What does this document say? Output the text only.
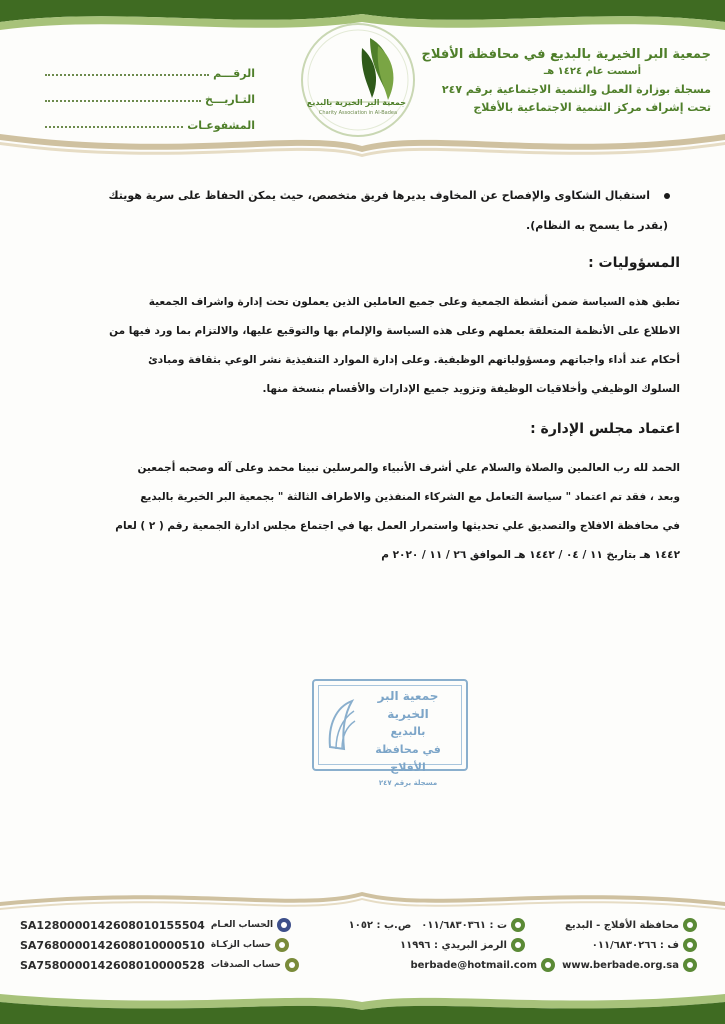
جمعية البر الخيرية بالبديع في محافظة الأفلاج
أسست عام ١٤٢٤ هـ
مسجلة بوزارة العمل والتنمية الاجتماعية برقم ٢٤٧
تحت إشراف مركز التنمية الاجتماعية بالأفلاج
جمعية البر الخيرية بالبديع
Charity Association in Al-Badea
الرقـــم
التـاريـــخ
المشفوعـات
استقبال الشكاوى والإفصاح عن المخاوف يديرها فريق متخصص، حيث يمكن الحفاظ على سرية هويتك
(بقدر ما يسمح به النظام).
المسؤوليات :
تطبق هذه السياسة ضمن أنشطة الجمعية وعلى جميع العاملين الذين يعملون تحت إدارة واشراف الجمعية
الاطلاع على الأنظمة المتعلقة بعملهم وعلى هذه السياسة والإلمام بها والتوقيع عليها، والالتزام بما ورد فيها من
أحكام عند أداء واجباتهم ومسؤولياتهم الوظيفية. وعلى إدارة الموارد التنفيذية نشر الوعي بثقافة ومبادئ
السلوك الوظيفي وأخلاقيات الوظيفة وتزويد جميع الإدارات والأقسام بنسخة منها.
اعتماد مجلس الإدارة :
الحمد لله رب العالمين والصلاة والسلام علي أشرف الأنبياء والمرسلين نبينا محمد وعلى آله وصحبه أجمعين
وبعد ، فقد تم اعتماد " سياسة التعامل مع الشركاء المنفذين والاطراف الثالثة " بجمعية البر الخيرية بالبديع
في محافظة الافلاج والتصديق علي تحديثها واستمرار العمل بها في اجتماع مجلس ادارة الجمعية رقم ( ٢ ) لعام
١٤٤٢ هـ بتاريخ ١١ / ٠٤ / ١٤٤٢ هـ الموافق ٢٦ / ١١ / ٢٠٢٠ م
جمعية البر الخيرية
بالبديع
في محافظة الأفلاج
مسجلة برقم ٢٤٧
محافظة الأفلاج - البديع
ف : ٠١١/٦٨٣٠٢٦٦
www.berbade.org.sa
ت : ٠١١/٦٨٣٠٣٦١
ص.ب : ١٠٥٢
الرمز البريدي : ١١٩٩٦
berbade@hotmail.com
الحساب العـام
SA1280000142608010155504
حساب الزكـاة
SA7680000142608010000510
حساب الصدقات
SA7580000142608010000528
